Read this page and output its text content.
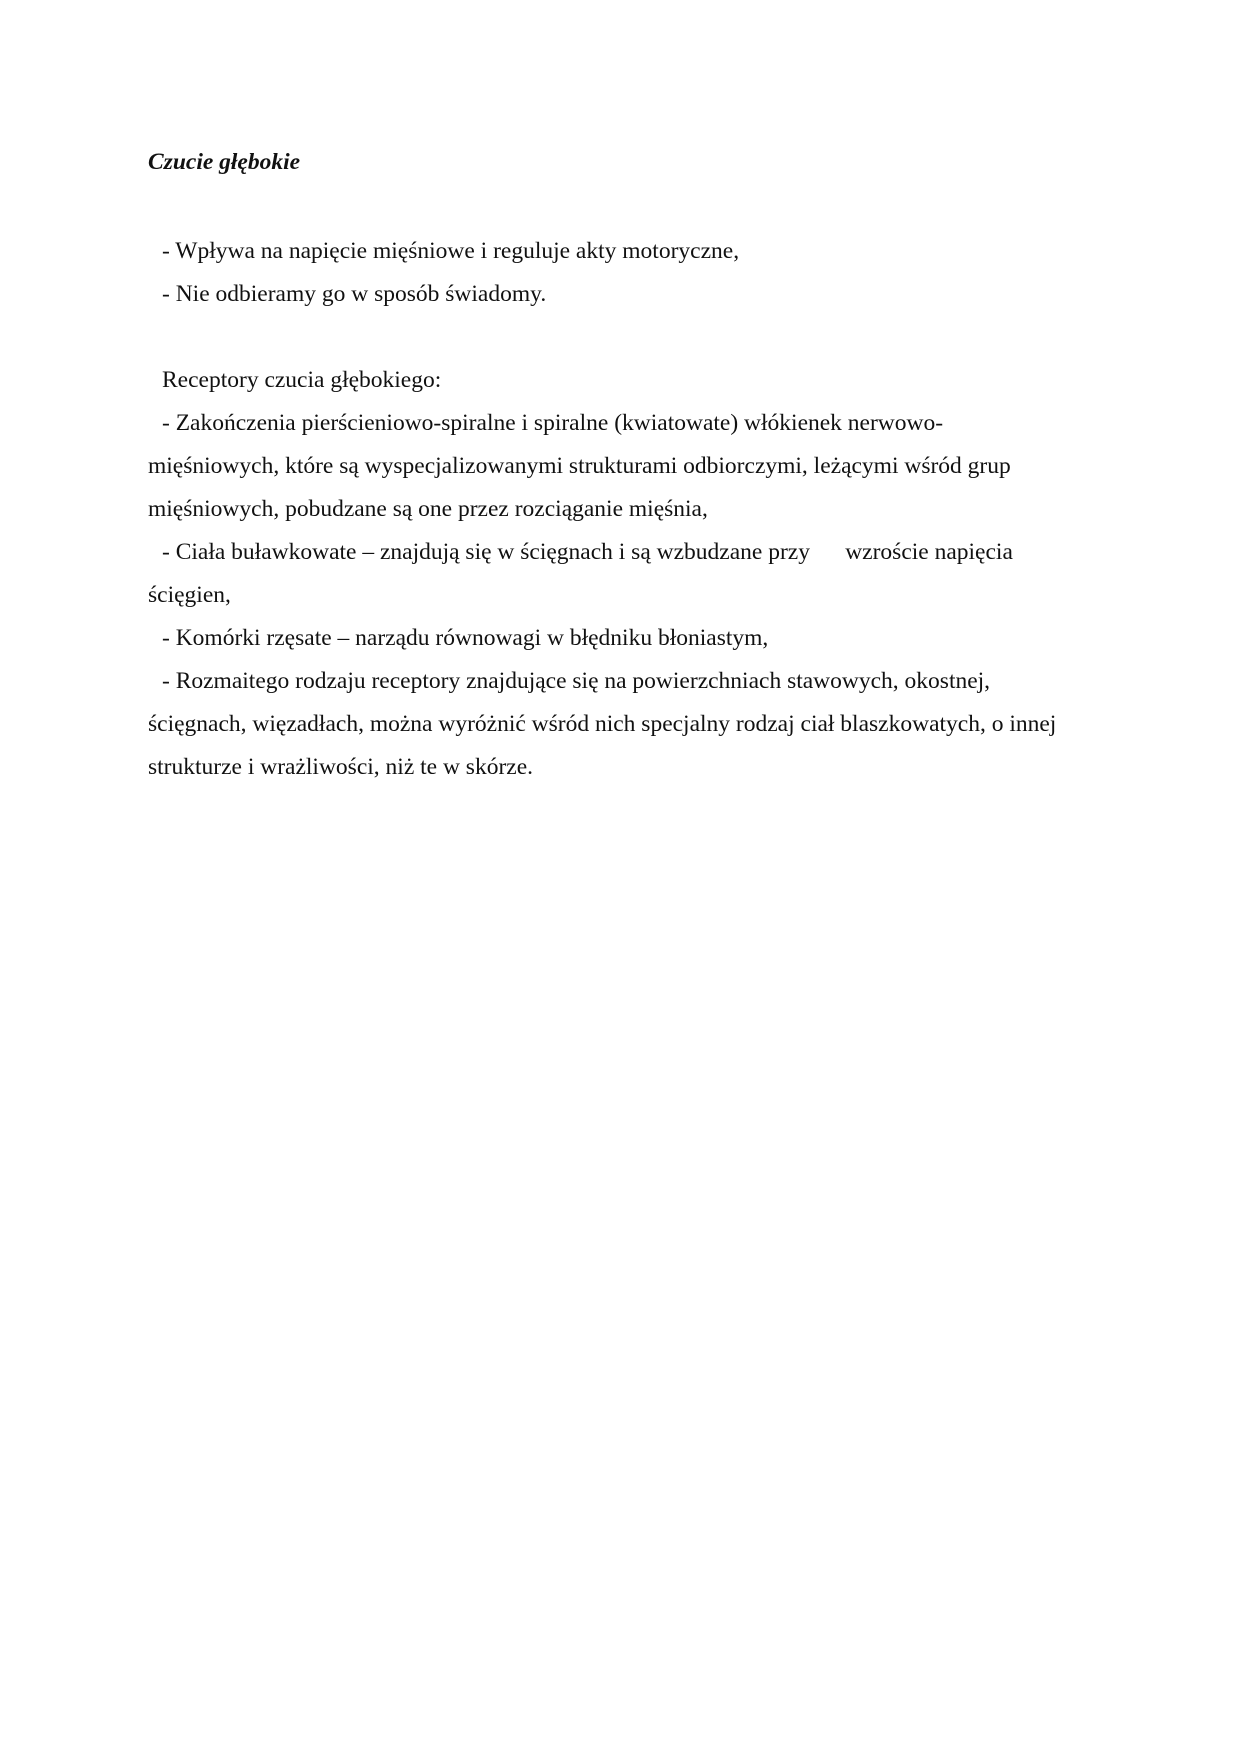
Czucie głębokie

- Wpływa na napięcie mięśniowe i reguluje akty motoryczne,

- Nie odbieramy go w sposób świadomy.

Receptory czucia głębokiego:

- Zakończenia pierścieniowo-spiralne i spiralne (kwiatowate) włókienek nerwowo-mięśniowych, które są wyspecjalizowanymi strukturami odbiorczymi, leżącymi wśród grup mięśniowych, pobudzane są one przez rozciąganie mięśnia,

- Ciała buławkowate – znajdują się w ścięgnach i są wzbudzane przy      wzroście napięcia ścięgien,

- Komórki rzęsate – narządu równowagi w błędniku błoniastym,

- Rozmaitego rodzaju receptory znajdujące się na powierzchniach stawowych, okostnej, ścięgnach, więzadłach, można wyróżnić wśród nich specjalny rodzaj ciał blaszkowatych, o innej strukturze i wrażliwości, niż te w skórze.
